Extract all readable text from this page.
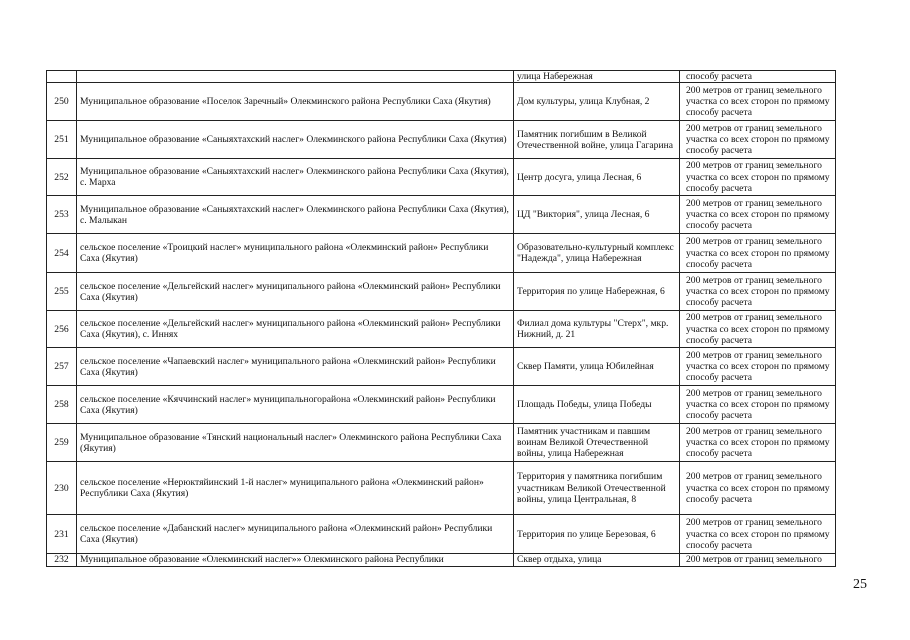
		улица Набережная	способу расчета
250	Муниципальное образование «Поселок Заречный» Олекминского района Республики Саха (Якутия)	Дом культуры, улица Клубная, 2	200 метров от границ земельного участка со всех сторон по прямому способу расчета
251	Муниципальное образование «Саныяхтахский наслег» Олекминского района Республики Саха (Якутия)	Памятник погибшим в Великой Отечественной войне, улица Гагарина	200 метров от границ земельного участка со всех сторон по прямому способу расчета
252	Муниципальное образование «Саныяхтахский наслег» Олекминского района Республики Саха (Якутия), с. Марха	Центр досуга, улица Лесная, 6	200 метров от границ земельного участка со всех сторон по прямому способу расчета
253	Муниципальное образование «Саныяхтахский наслег» Олекминского района Республики Саха (Якутия), с. Малыкан	ЦД "Виктория", улица Лесная, 6	200 метров от границ земельного участка со всех сторон по прямому способу расчета
254	сельское поселение «Троицкий наслег» муниципального района «Олекминский район» Республики Саха (Якутия)	Образовательно-культурный комплекс "Надежда", улица Набережная	200 метров от границ земельного участка со всех сторон по прямому способу расчета
255	сельское поселение «Дельгейский наслег» муниципального района «Олекминский район» Республики Саха (Якутия)	Территория по улице Набережная, 6	200 метров от границ земельного участка со всех сторон по прямому способу расчета
256	сельское поселение «Дельгейский наслег» муниципального района «Олекминский район» Республики Саха (Якутия), с. Иннях	Филиал дома культуры "Стерх", мкр. Нижний, д. 21	200 метров от границ земельного участка со всех сторон по прямому способу расчета
257	сельское поселение «Чапаевский наслег» муниципального района «Олекминский район» Республики Саха (Якутия)	Сквер Памяти, улица Юбилейная	200 метров от границ земельного участка со всех сторон по прямому способу расчета
258	сельское поселение «Кяччинский наслег» муниципальногорайона «Олекминский район» Республики Саха (Якутия)	Площадь Победы, улица Победы	200 метров от границ земельного участка со всех сторон по прямому способу расчета
259	Муниципальное образование «Тянский национальный наслег» Олекминского района Республики Саха (Якутия)	Памятник участникам и павшим воинам Великой Отечественной войны, улица Набережная	200 метров от границ земельного участка со всех сторон по прямому способу расчета
230	сельское поселение «Нерюктяйинский 1-й наслег» муниципального района «Олекминский район» Республики Саха (Якутия)	Территория у памятника погибшим участникам Великой Отечественной войны, улица Центральная, 8	200 метров от границ земельного участка со всех сторон по прямому способу расчета
231	сельское поселение «Дабанский наслег» муниципального района «Олекминский район» Республики Саха (Якутия)	Территория по улице Березовая, 6	200 метров от границ земельного участка со всех сторон по прямому способу расчета
232	Муниципальное образование «Олекминский наслег»» Олекминского района Республики	Сквер отдыха, улица	200 метров от границ земельного
25
